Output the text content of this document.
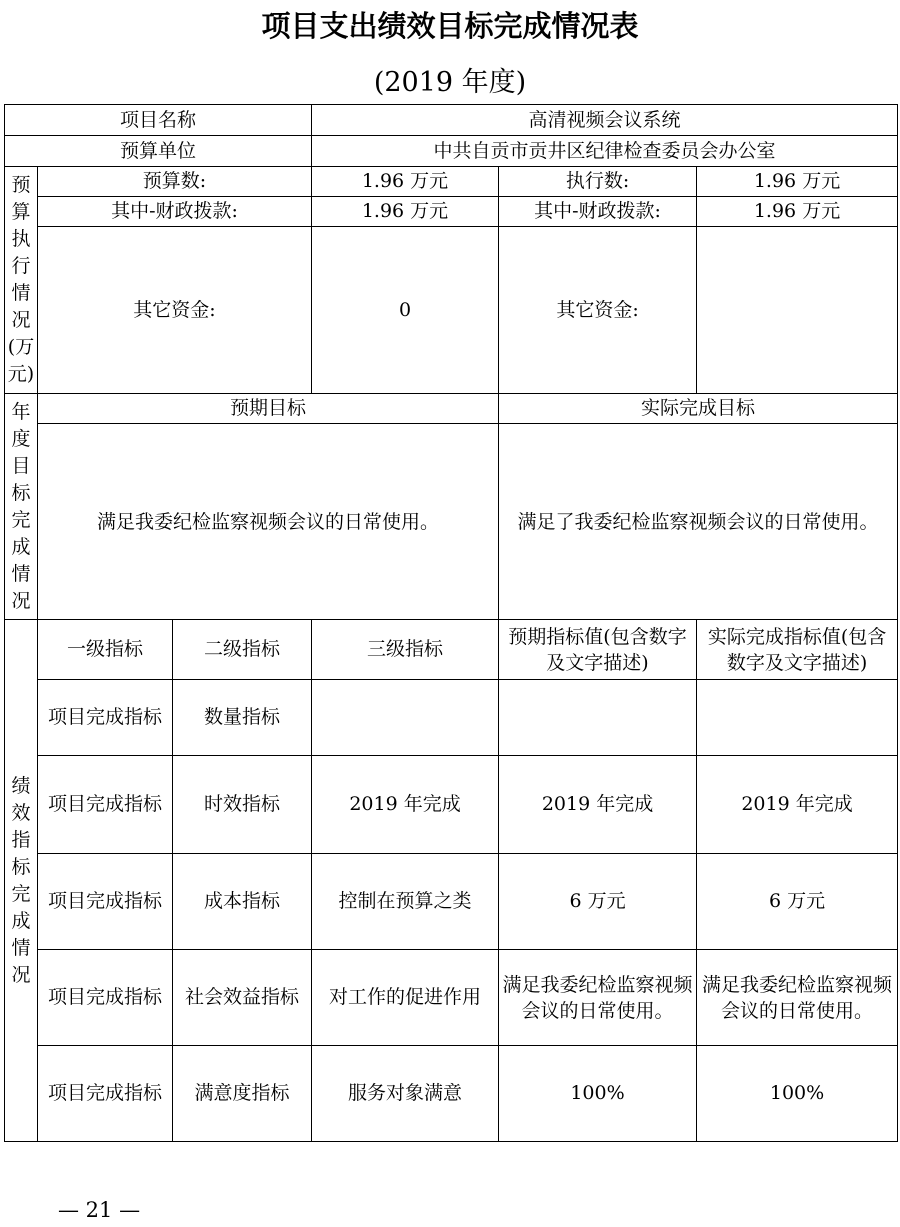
项目支出绩效目标完成情况表
(2019 年度)
项目名称			高清视频会议系统		
预算单位			中共自贡市贡井区纪律检查委员会办公室		
预算执行情况(万元)	预算数:		1.96 万元	执行数:	1.96 万元
	其中-财政拨款:		1.96 万元	其中-财政拨款:	1.96 万元
	其它资金:		0	其它资金:	
年度目标完成情况	预期目标			实际完成目标	
	满足我委纪检监察视频会议的日常使用。			满足了我委纪检监察视频会议的日常使用。	
绩效指标完成情况	一级指标	二级指标	三级指标	预期指标值(包含数字及文字描述)	实际完成指标值(包含数字及文字描述)
	项目完成指标	数量指标			
	项目完成指标	时效指标	2019 年完成	2019 年完成	2019 年完成
	项目完成指标	成本指标	控制在预算之类	6 万元	6 万元
	项目完成指标	社会效益指标	对工作的促进作用	满足我委纪检监察视频会议的日常使用。	满足我委纪检监察视频会议的日常使用。
	项目完成指标	满意度指标	服务对象满意	100%	100%
— 21 —
